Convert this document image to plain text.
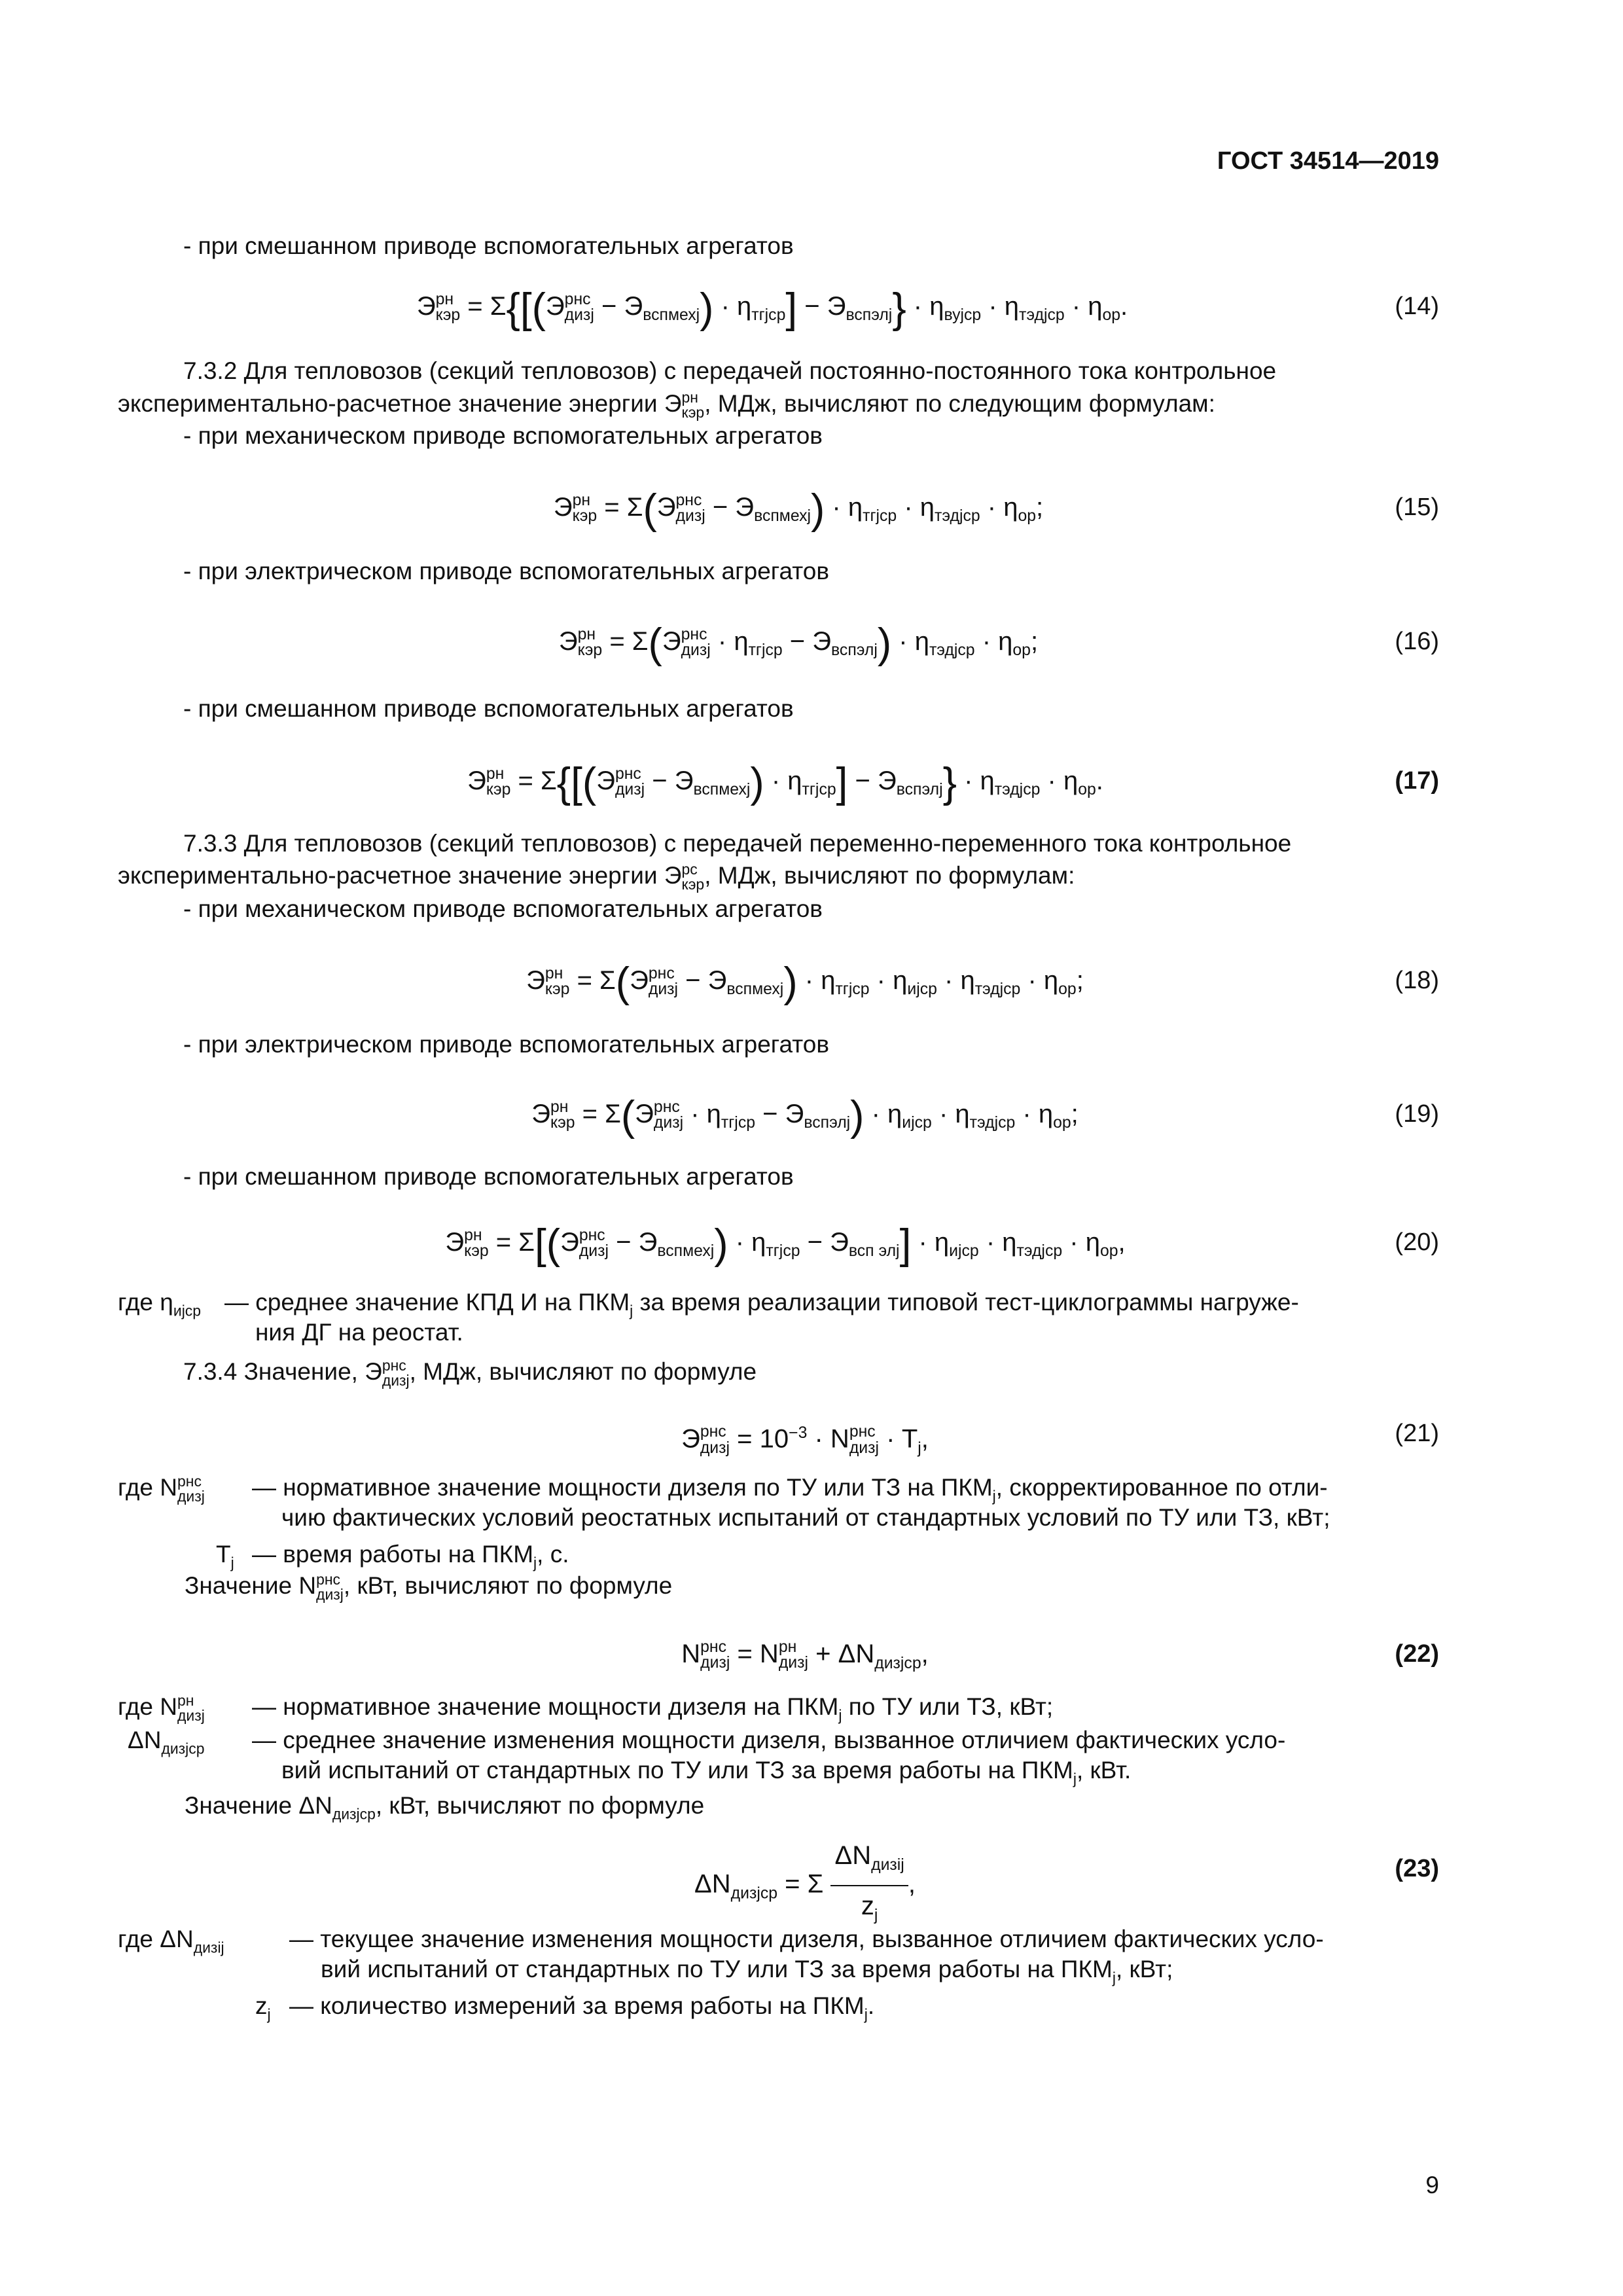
ГОСТ 34514—2019
- при смешанном приводе вспомогательных агрегатов
Э рн
кэр = Σ{[(Э рнс
дизj − Э
вспмехj ) · η
тгjср ] − Э
вспэлj } · η
вуjср · η
тэдjср · η
ор .	(14)
7.3.2 Для тепловозов (секций тепловозов) с передачей постоянно-постоянного тока контрольное
экспериментально-расчетное значение энергии Э рн
кэр , МДж, вычисляют по следующим формулам:
- при механическом приводе вспомогательных агрегатов
Э рн
кэр = Σ(Э рнс
дизj − Э
вспмехj ) · η
тгjср · η
тэдjср · η
ор ;	(15)
- при электрическом приводе вспомогательных агрегатов
Э рн
кэр = Σ(Э рнс
дизj · η
тгjср − Э
вспэлj ) · η
тэдjср · η
ор ;	(16)
- при смешанном приводе вспомогательных агрегатов
Э рн
кэр = Σ{[(Э рнс
дизj − Э
вспмехj ) · η
тгjср ] − Э
вспэлj } · η
тэдjср · η
ор .	(17)
7.3.3 Для тепловозов (секций тепловозов) с передачей переменно-переменного тока контрольное
экспериментально-расчетное значение энергии Э рс
кэр , МДж, вычисляют по формулам:
- при механическом приводе вспомогательных агрегатов
Э рн
кэр = Σ(Э рнс
дизj − Э
вспмехj ) · η
тгjср · η
иjср · η
тэдjср · η
ор ;	(18)
- при электрическом приводе вспомогательных агрегатов
Э рн
кэр = Σ(Э рнс
дизj · η
тгjср − Э
вспэлj ) · η
иjср · η
тэдjср · η
ор ;	(19)
- при смешанном приводе вспомогательных агрегатов
Э рн
кэр = Σ[(Э рнс
дизj − Э
вспмехj ) · η
тгjср − Э
всп элj ] · η
иjср · η
тэдjср · η
ор ,	(20)
где $\eta_{иjср}$ — среднее значение КПД И на $ПКМ_j$ за время реализации типовой тест-циклограммы нагруже-
ния ДГ на реостат.
7.3.4 Значение, Э рнс
дизj , МДж, вычисляют по формуле
Э рнс
дизj = $10^{-3} \cdot N$ рнс
дизj · $T_j$,	(21)
где N рнс
дизj — нормативное значение мощности дизеля по ТУ или ТЗ на $ПКМ_j$, скорректированное по отли-
чию фактических условий реостатных испытаний от стандартных условий по ТУ или ТЗ, кВт;
$T_j$ — время работы на $ПКМ_j$, с.
Значение N рнс
дизj , кВт, вычисляют по формуле
N рнс
дизj = N рн
дизj + $\Delta N_{дизjср}$,	(22)
где N рн
дизj — нормативное значение мощности дизеля на $ПКМ_j$ по ТУ или ТЗ, кВт;
$\Delta N_{дизjср}$ — среднее значение изменения мощности дизеля, вызванное отличием фактических усло-
вий испытаний от стандартных по ТУ или ТЗ за время работы на $ПКМ_j$, кВт.
Значение $\Delta N_{дизjср}$, кВт, вычисляют по формуле
$\Delta N_{дизjср} = \Sigma \frac{\Delta N_{дизij}}{z_j}$ ,
(23)
где $\Delta N_{дизij}$	— текущее значение изменения мощности дизеля, вызванное отличием фактических усло-
вий испытаний от стандартных по ТУ или ТЗ за время работы на $ПКМ_j$, кВт;
$z_j$ — количество измерений за время работы на $ПКМ_j$.
9
